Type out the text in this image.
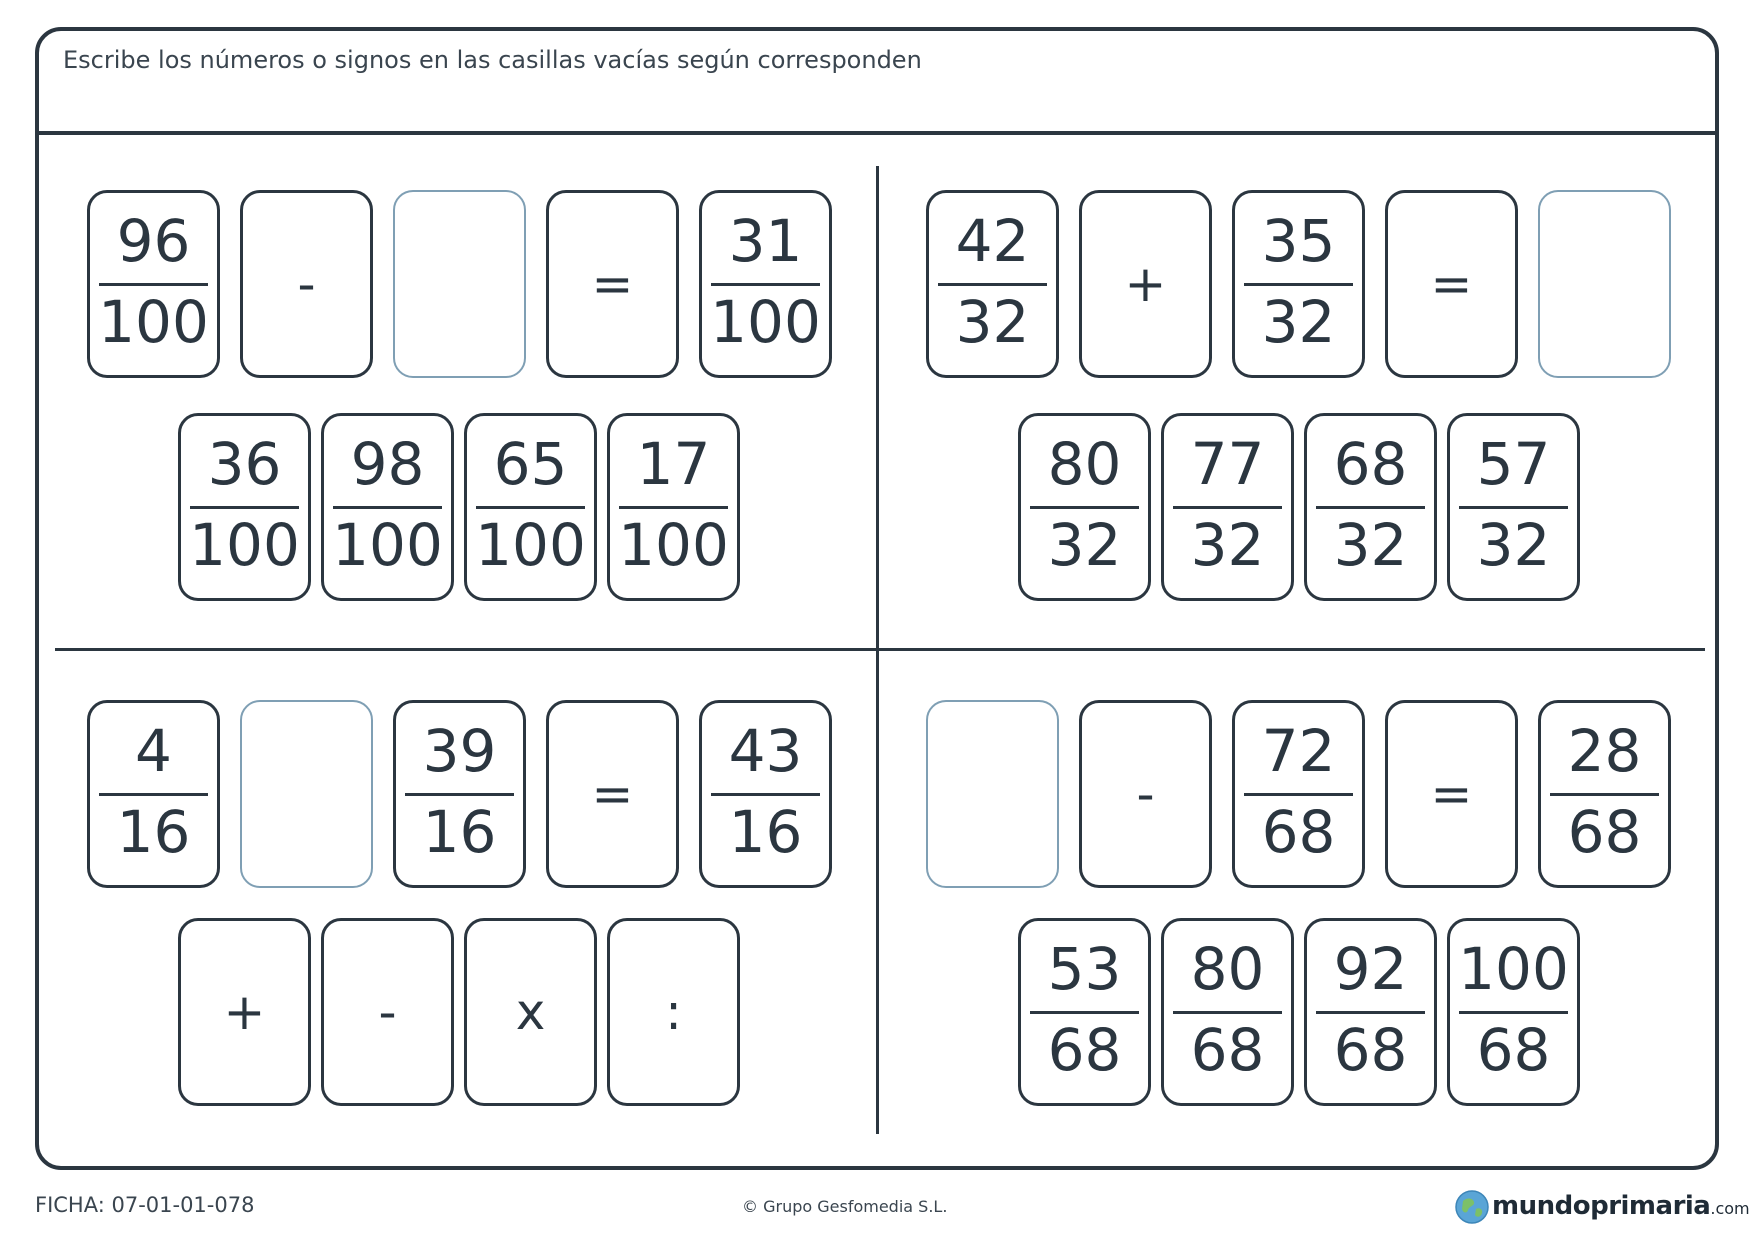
Escribe los números o signos en las casillas vacías según corresponden
96
100
-	=
31
100
36
100
98
100
65
100
17
100
42
32
+
35
32
=
80
32
77
32
68
32
57
32
4
16
39
16
=
43
16
+	-	x	:
-
72
68
=
28
68
53
68
80
68
92
68
100
68
FICHA: 07-01-01-078	© Grupo Gesfomedia S.L.	mundoprimaria.com
